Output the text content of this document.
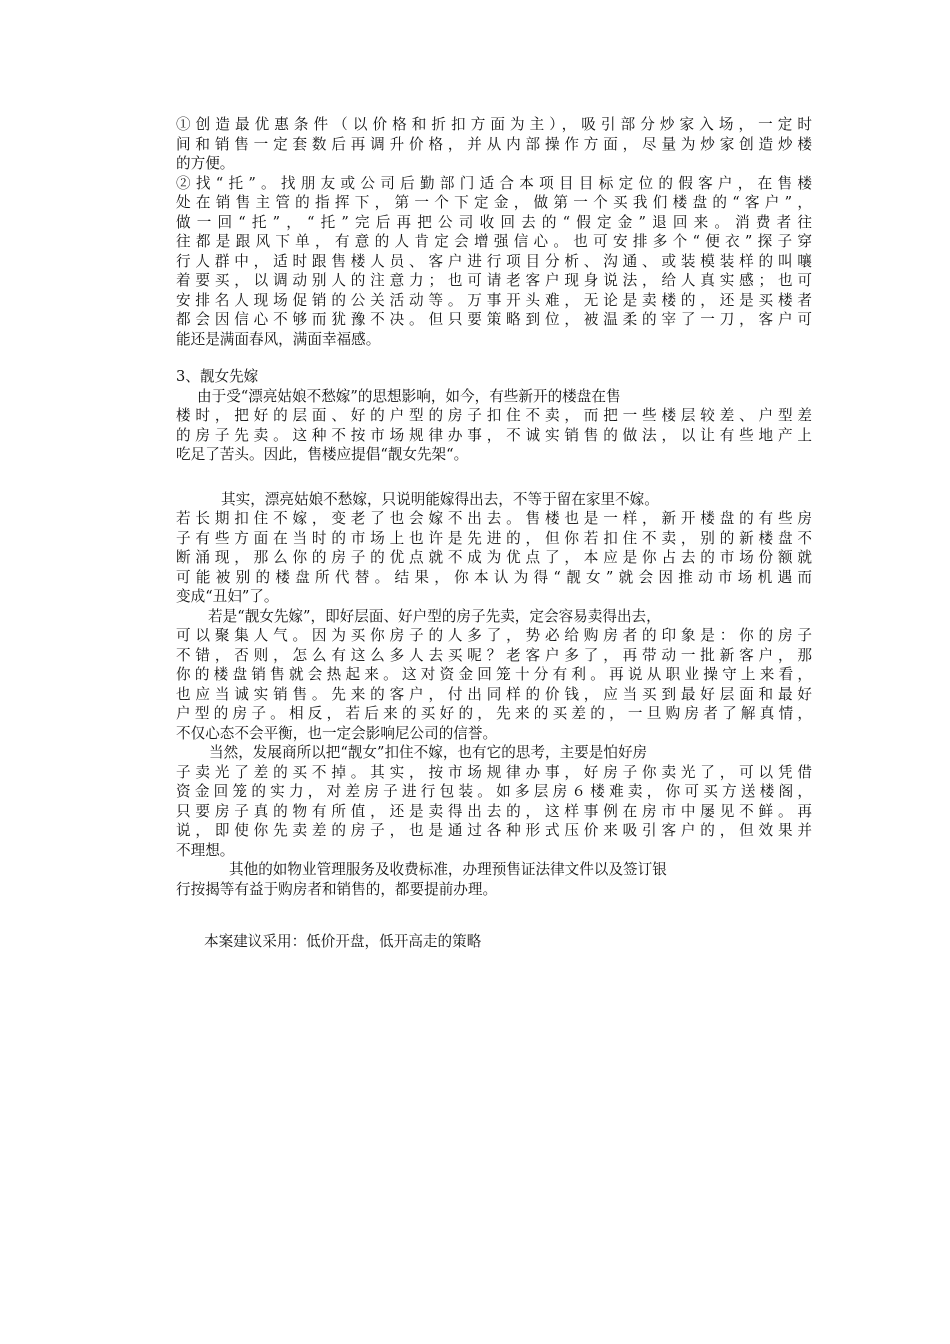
①创造最优惠条件（以价格和折扣方面为主），吸引部分炒家入场，一定时
间和销售一定套数后再调升价格，并从内部操作方面，尽量为炒家创造炒楼
的方便。
②找“托”。找朋友或公司后勤部门适合本项目目标定位的假客户，在售楼
处在销售主管的指挥下，第一个下定金，做第一个买我们楼盘的“客户”，
做一回“托”，“托”完后再把公司收回去的“假定金”退回来。消费者往
往都是跟风下单，有意的人肯定会增强信心。也可安排多个“便衣”探子穿
行人群中，适时跟售楼人员、客户进行项目分析、沟通、或装模装样的叫嚷
着要买，以调动别人的注意力；也可请老客户现身说法，给人真实感；也可
安排名人现场促销的公关活动等。万事开头难，无论是卖楼的，还是买楼者
都会因信心不够而犹豫不决。但只要策略到位，被温柔的宰了一刀，客户可
能还是满面春风，满面幸福感。
3、靓女先嫁
由于受“漂亮姑娘不愁嫁”的思想影响，如今，有些新开的楼盘在售
楼时，把好的层面、好的户型的房子扣住不卖，而把一些楼层较差、户型差
的房子先卖。这种不按市场规律办事，不诚实销售的做法，以让有些地产上
吃足了苦头。因此，售楼应提倡“靓女先架“。
其实，漂亮姑娘不愁嫁，只说明能嫁得出去，不等于留在家里不嫁。
若长期扣住不嫁，变老了也会嫁不出去。售楼也是一样，新开楼盘的有些房
子有些方面在当时的市场上也许是先进的，但你若扣住不卖，别的新楼盘不
断涌现，那么你的房子的优点就不成为优点了，本应是你占去的市场份额就
可能被别的楼盘所代替。结果，你本认为得“靓女”就会因推动市场机遇而
变成“丑妇”了。
若是“靓女先嫁”，即好层面、好户型的房子先卖，定会容易卖得出去，
可以聚集人气。因为买你房子的人多了，势必给购房者的印象是：你的房子
不错，否则，怎么有这么多人去买呢？老客户多了，再带动一批新客户，那
你的楼盘销售就会热起来。这对资金回笼十分有利。再说从职业操守上来看，
也应当诚实销售。先来的客户，付出同样的价钱，应当买到最好层面和最好
户型的房子。相反，若后来的买好的，先来的买差的，一旦购房者了解真情，
不仅心态不会平衡，也一定会影响尼公司的信誉。
当然，发展商所以把“靓女”扣住不嫁，也有它的思考，主要是怕好房
子卖光了差的买不掉。其实，按市场规律办事，好房子你卖光了，可以凭借
资金回笼的实力，对差房子进行包装。如多层房６楼难卖，你可买方送楼阁，
只要房子真的物有所值，还是卖得出去的，这样事例在房市中屡见不鲜。再
说，即使你先卖差的房子，也是通过各种形式压价来吸引客户的，但效果并
不理想。
其他的如物业管理服务及收费标准，办理预售证法律文件以及签订银
行按揭等有益于购房者和销售的，都要提前办理。
本案建议采用：低价开盘，低开高走的策略
